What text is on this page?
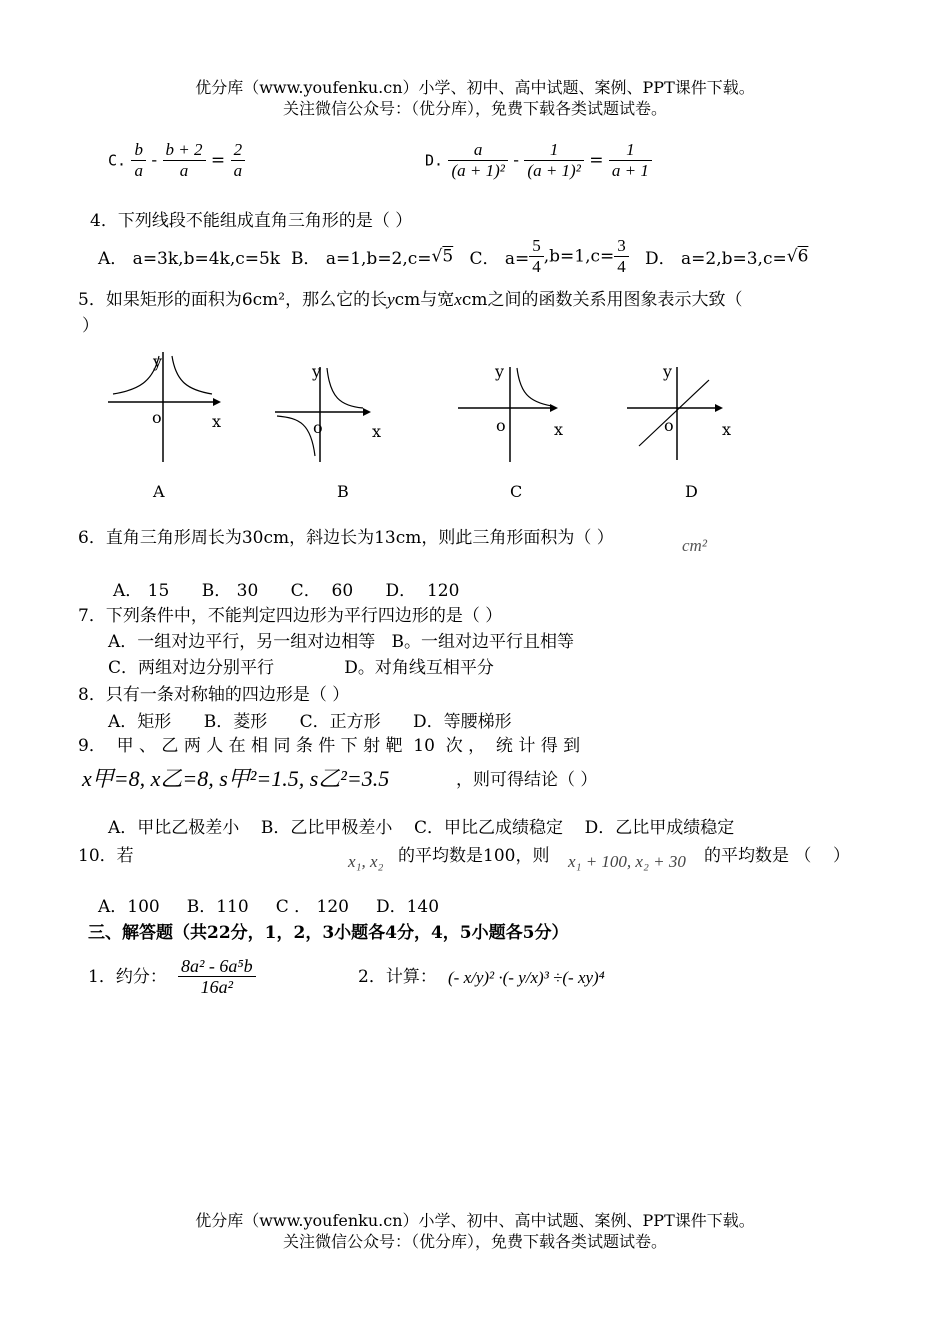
优分库（www.youfenku.cn）小学、初中、高中试题、案例、PPT课件下载。
关注微信公众号：（优分库），免费下载各类试题试卷。
C. $\frac{b}{a} - \frac{b + 2}{a} = \frac{2}{a}$	D. $\frac{a}{\text{(a + 1)²}} - \frac{1}{\text{(a + 1)²}} = \frac{1}{a + 1}$
4．下列线段不能组成直角三角形的是（ ）
A． a=3k,b=4k,c=5k B． a=1,b=2,c=√5 C． $a= \frac{5}{4} ,b=1,c= \frac{3}{4}$ D． a=2,b=3,c=√6
5．如果矩形的面积为6cm²，那么它的长ycm与宽xcm之间的函数关系用图象表示大致（
）
y
o	x
A
y
o	x
B
y
o	x
C
y
o	x
D
6．直角三角形周长为30cm，斜边长为13cm，则此三角形面积为（ ）	cm²
A． 15      B． 30      C．  60      D．  120
7．下列条件中，不能判定四边形为平行四边形的是（ ）
A．一组对边平行，另一组对边相等   B。一组对边平行且相等
C．两组对边分别平行             D。对角线互相平分
8．只有一条对称轴的四边形是（ ）
A．矩形      B．菱形      C．正方形      D．等腰梯形
9．  甲 、 乙 两 人 在 相 同 条 件 下 射 靶  10  次 ，  统 计 得 到
x甲=8, x乙=8, s甲²=1.5, s乙²=3.5	，则可得结论（ ）
A．甲比乙极差小    B．乙比甲极差小    C．甲比乙成绩稳定    D．乙比甲成绩稳定
10．若	x₁, x₂ 的平均数是100，则 x₁ + 100, x₂ + 30 的平均数是 （    ）
A．100     B．110     C ． 120     D．140
三、解答题（共22分，1，2，3小题各4分，4，5小题各5分）
1．约分： $\frac{\text{8a² - 6a⁵b}}{\text{16a²}}$	2．计算： (- x/y)² ·(- y/x)³ ÷(- xy)⁴
优分库（www.youfenku.cn）小学、初中、高中试题、案例、PPT课件下载。
关注微信公众号：（优分库），免费下载各类试题试卷。
